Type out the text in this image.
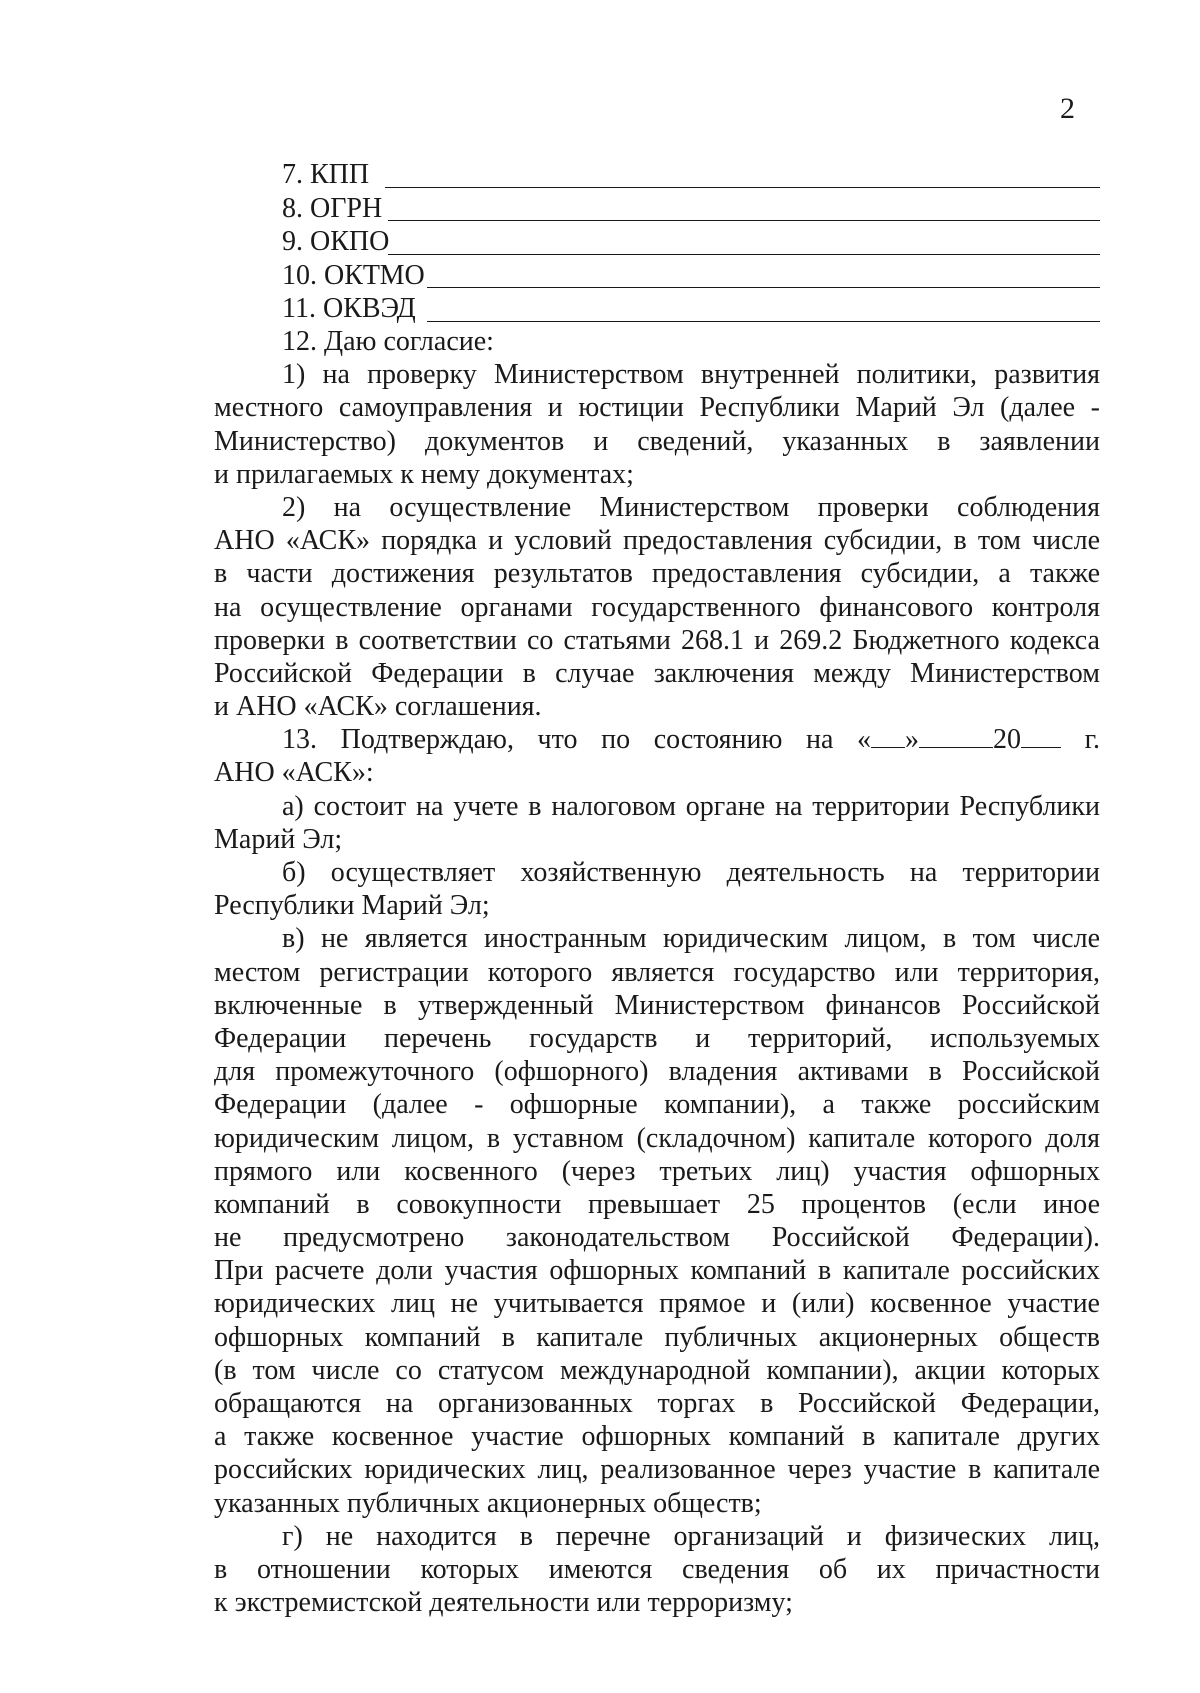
2
7. КПП
8. ОГРН
9. ОКПО
10. ОКТМО
11. ОКВЭД
12. Даю согласие:
1) на проверку Министерством внутренней политики, развития
местного самоуправления и юстиции Республики Марий Эл (далее -
Министерство) документов и сведений, указанных в заявлении
и прилагаемых к нему документах;
2) на осуществление Министерством проверки соблюдения
АНО «АСК» порядка и условий предоставления субсидии, в том числе
в части достижения результатов предоставления субсидии, а также
на осуществление органами государственного финансового контроля
проверки в соответствии со статьями 268.1 и 269.2 Бюджетного кодекса
Российской Федерации в случае заключения между Министерством
и АНО «АСК» соглашения.
13. Подтверждаю, что по состоянию на « »	20 г.
АНО «АСК»:
а) состоит на учете в налоговом органе на территории Республики
Марий Эл;
б) осуществляет хозяйственную деятельность на территории
Республики Марий Эл;
в) не является иностранным юридическим лицом, в том числе
местом регистрации которого является государство или территория,
включенные в утвержденный Министерством финансов Российской
Федерации перечень государств и территорий, используемых
для промежуточного (офшорного) владения активами в Российской
Федерации (далее - офшорные компании), а также российским
юридическим лицом, в уставном (складочном) капитале которого доля
прямого или косвенного (через третьих лиц) участия офшорных
компаний в совокупности превышает 25 процентов (если иное
не предусмотрено законодательством Российской Федерации).
При расчете доли участия офшорных компаний в капитале российских
юридических лиц не учитывается прямое и (или) косвенное участие
офшорных компаний в капитале публичных акционерных обществ
(в том числе со статусом международной компании), акции которых
обращаются на организованных торгах в Российской Федерации,
а также косвенное участие офшорных компаний в капитале других
российских юридических лиц, реализованное через участие в капитале
указанных публичных акционерных обществ;
г) не находится в перечне организаций и физических лиц,
в отношении которых имеются сведения об их причастности
к экстремистской деятельности или терроризму;
